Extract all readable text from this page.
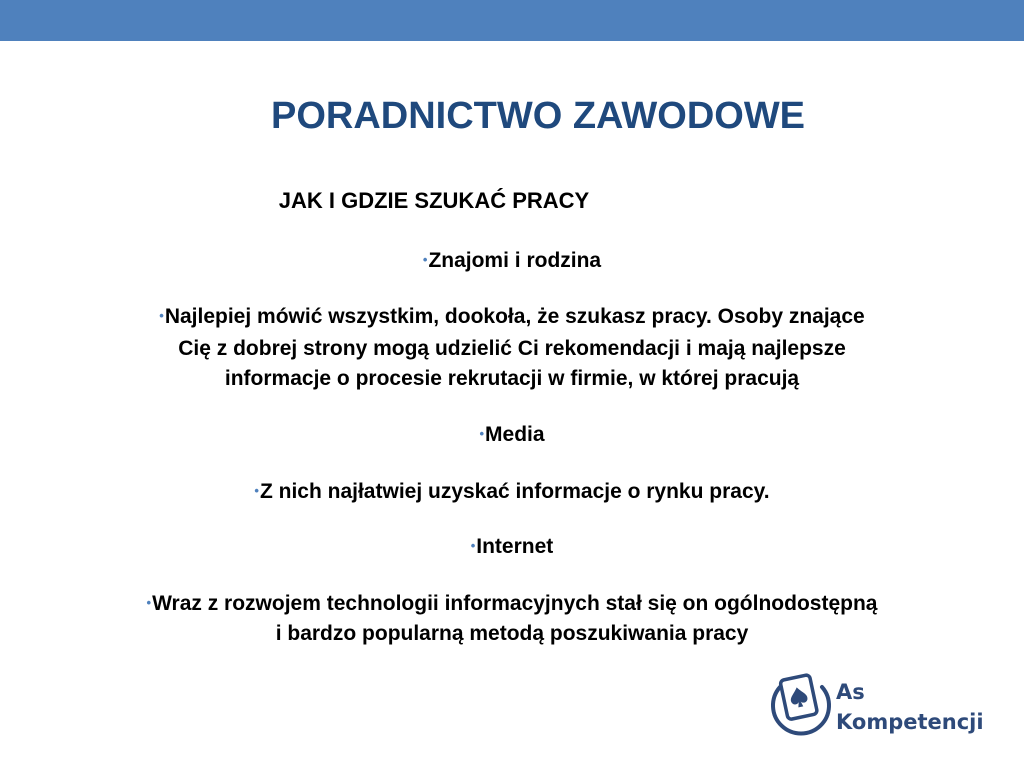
PORADNICTWO ZAWODOWE
JAK I GDZIE SZUKAĆ PRACY
•Znajomi i rodzina
•Najlepiej mówić wszystkim, dookoła, że szukasz pracy. Osoby znające
Cię z dobrej strony mogą udzielić Ci rekomendacji i mają najlepsze
informacje o procesie rekrutacji w firmie, w której pracują
•Media
•Z nich najłatwiej uzyskać informacje o rynku pracy.
•Internet
•Wraz z rozwojem technologii informacyjnych stał się on ogólnodostępną
i bardzo popularną metodą poszukiwania pracy
As
Kompetencji
